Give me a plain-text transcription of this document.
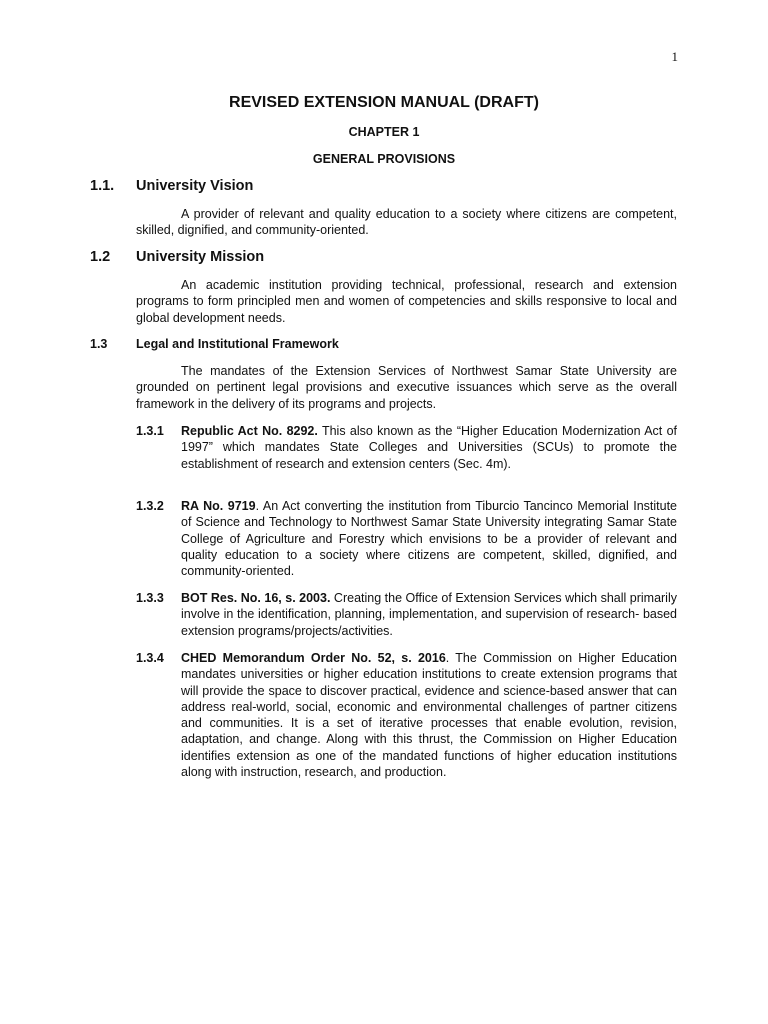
1
REVISED EXTENSION MANUAL (DRAFT)
CHAPTER 1
GENERAL PROVISIONS
1.1. University Vision
A provider of relevant and quality education to a society where citizens are competent, skilled, dignified, and community-oriented.
1.2 University Mission
An academic institution providing technical, professional, research and extension programs to form principled men and women of competencies and skills responsive to local and global development needs.
1.3 Legal and Institutional Framework
The mandates of the Extension Services of Northwest Samar State University are grounded on pertinent legal provisions and executive issuances which serve as the overall framework in the delivery of its programs and projects.
1.3.1 Republic Act No. 8292. This also known as the “Higher Education Modernization Act of 1997” which mandates State Colleges and Universities (SCUs) to promote the establishment of research and extension centers (Sec. 4m).
1.3.2 RA No. 9719. An Act converting the institution from Tiburcio Tancinco Memorial Institute of Science and Technology to Northwest Samar State University integrating Samar State College of Agriculture and Forestry which envisions to be a provider of relevant and quality education to a society where citizens are competent, skilled, dignified, and community-oriented.
1.3.3 BOT Res. No. 16, s. 2003. Creating the Office of Extension Services which shall primarily involve in the identification, planning, implementation, and supervision of research- based extension programs/projects/activities.
1.3.4 CHED Memorandum Order No. 52, s. 2016. The Commission on Higher Education mandates universities or higher education institutions to create extension programs that will provide the space to discover practical, evidence and science-based answer that can address real-world, social, economic and environmental challenges of partner citizens and communities. It is a set of iterative processes that enable evolution, revision, adaptation, and change. Along with this thrust, the Commission on Higher Education identifies extension as one of the mandated functions of higher education institutions along with instruction, research, and production.
